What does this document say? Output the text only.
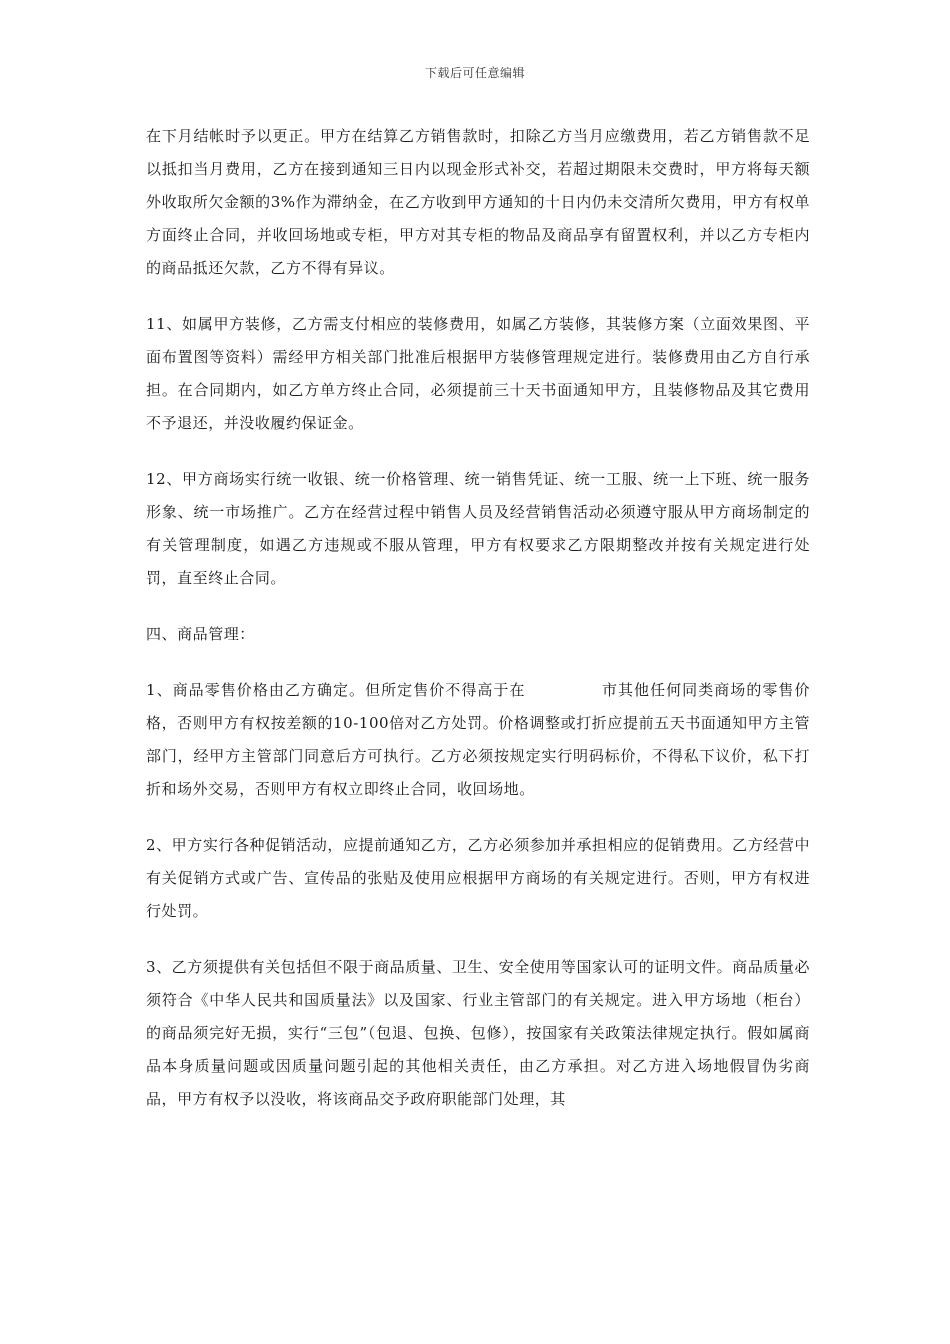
下载后可任意编辑

在下月结帐时予以更正。甲方在结算乙方销售款时，扣除乙方当月应缴费用，若乙方销售款不足以抵扣当月费用，乙方在接到通知三日内以现金形式补交，若超过期限未交费时，甲方将每天额外收取所欠金额的3%作为滞纳金，在乙方收到甲方通知的十日内仍未交清所欠费用，甲方有权单方面终止合同，并收回场地或专柜，甲方对其专柜的物品及商品享有留置权利，并以乙方专柜内的商品抵还欠款，乙方不得有异议。

11、如属甲方装修，乙方需支付相应的装修费用，如属乙方装修，其装修方案（立面效果图、平面布置图等资料）需经甲方相关部门批准后根据甲方装修管理规定进行。装修费用由乙方自行承担。在合同期内，如乙方单方终止合同，必须提前三十天书面通知甲方，且装修物品及其它费用不予退还，并没收履约保证金。

12、甲方商场实行统一收银、统一价格管理、统一销售凭证、统一工服、统一上下班、统一服务形象、统一市场推广。乙方在经营过程中销售人员及经营销售活动必须遵守服从甲方商场制定的有关管理制度，如遇乙方违规或不服从管理，甲方有权要求乙方限期整改并按有关规定进行处罚，直至终止合同。

四、商品管理：

1、商品零售价格由乙方确定。但所定售价不得高于在	市其他任何同类商场的零售价格，否则甲方有权按差额的10-100倍对乙方处罚。价格调整或打折应提前五天书面通知甲方主管部门，经甲方主管部门同意后方可执行。乙方必须按规定实行明码标价，不得私下议价，私下打折和场外交易，否则甲方有权立即终止合同，收回场地。

2、甲方实行各种促销活动，应提前通知乙方，乙方必须参加并承担相应的促销费用。乙方经营中有关促销方式或广告、宣传品的张贴及使用应根据甲方商场的有关规定进行。否则，甲方有权进行处罚。

3、乙方须提供有关包括但不限于商品质量、卫生、安全使用等国家认可的证明文件。商品质量必须符合《中华人民共和国质量法》以及国家、行业主管部门的有关规定。进入甲方场地（柜台）的商品须完好无损，实行“三包”（包退、包换、包修），按国家有关政策法律规定执行。假如属商品本身质量问题或因质量问题引起的其他相关责任，由乙方承担。对乙方进入场地假冒伪劣商品，甲方有权予以没收，将该商品交予政府职能部门处理，其
